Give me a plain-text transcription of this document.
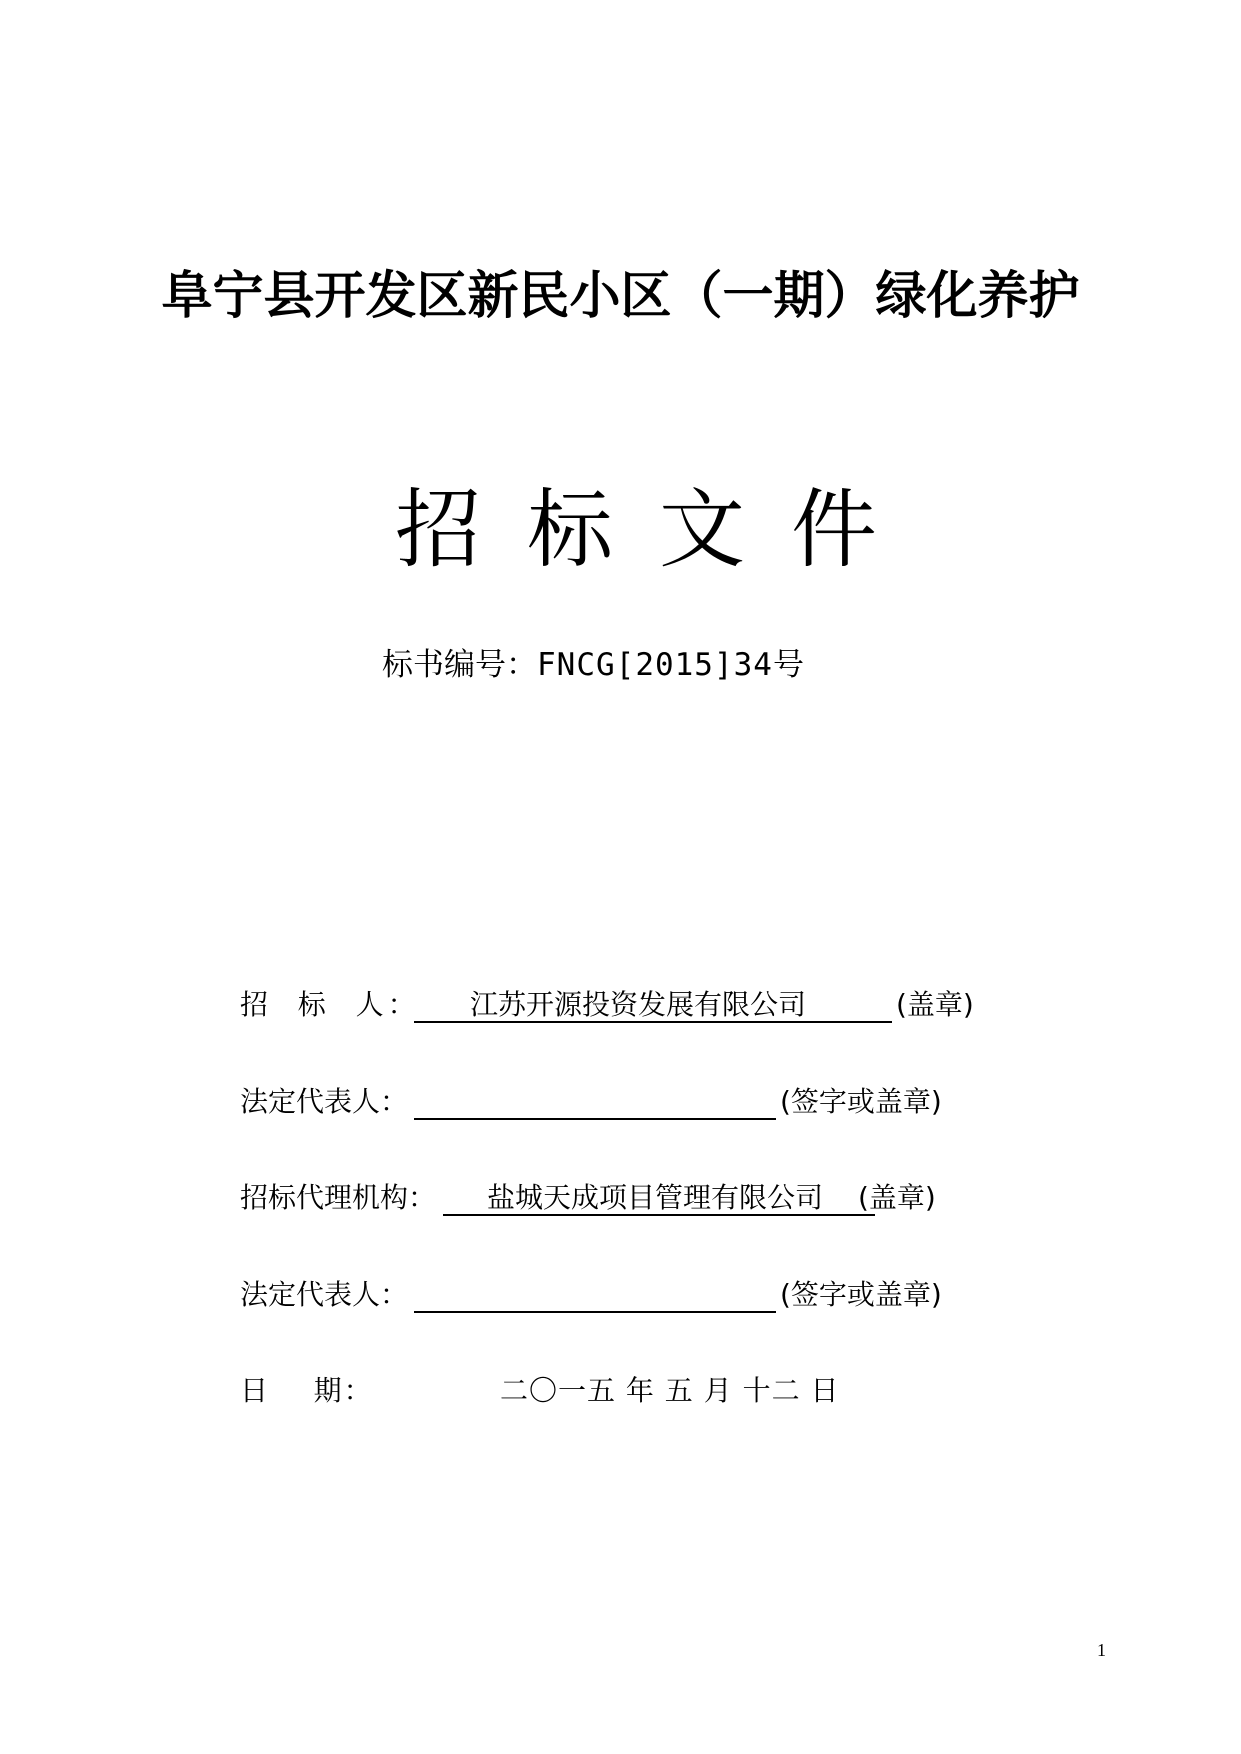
阜宁县开发区新民小区（一期）绿化养护
招标文件
标书编号：FNCG[2015]34号
招  标  人： 江苏开源投资发展有限公司	(盖章)
法定代表人：	(签字或盖章)
招标代理机构： 盐城天成项目管理有限公司 (盖章)
法定代表人：	(签字或盖章)
日    期：	二〇一五 年 五 月 十二 日
1
